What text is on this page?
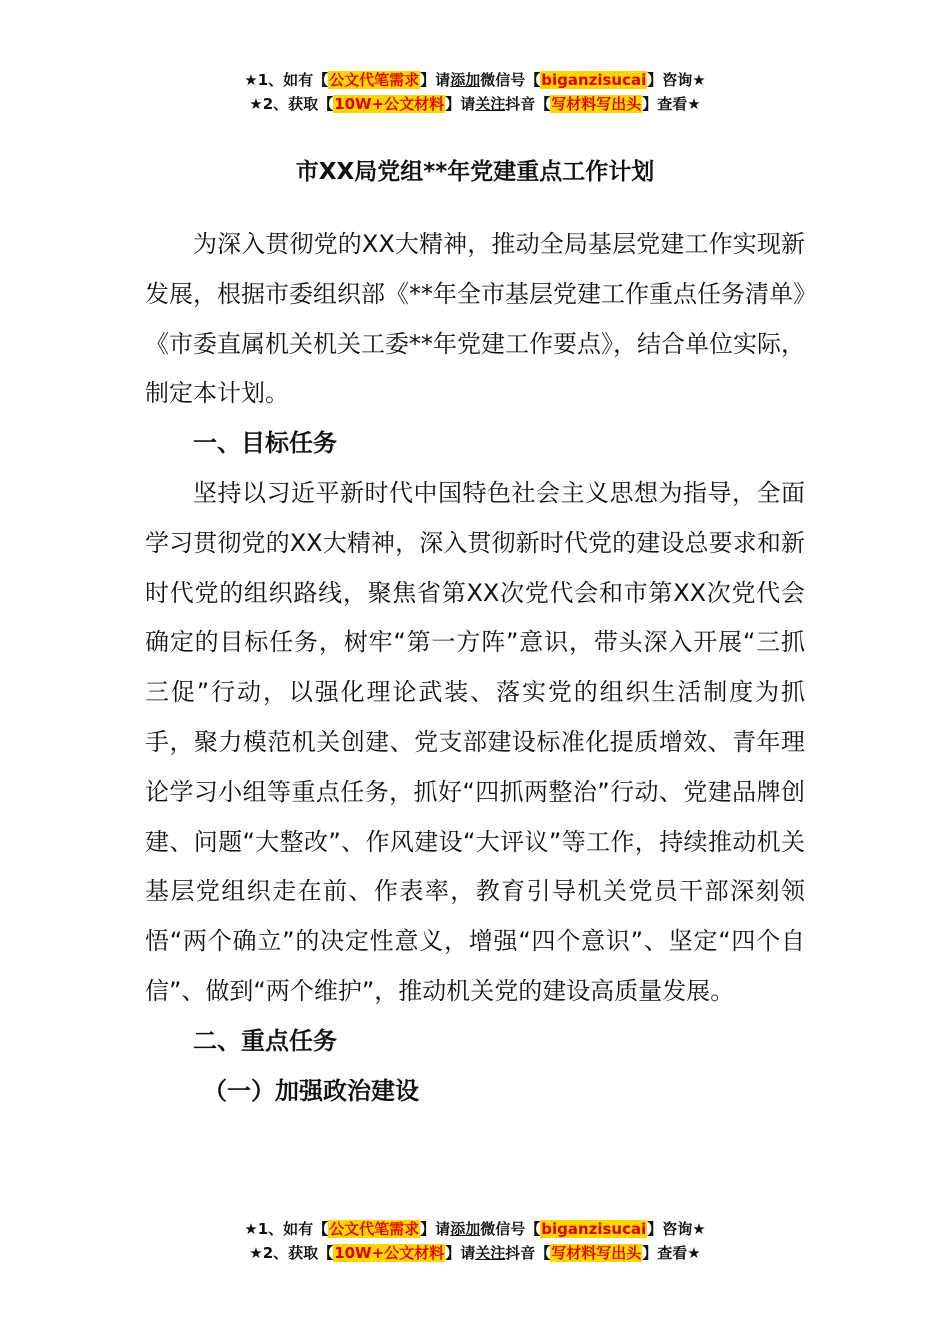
★1、如有【公文代笔需求】请添加微信号【biganzisucai】咨询★
★2、获取【10W+公文材料】请关注抖音【写材料写出头】查看★
市XX局党组**年党建重点工作计划

为深入贯彻党的XX大精神，推动全局基层党建工作实现新发展，根据市委组织部《**年全市基层党建工作重点任务清单》《市委直属机关机关工委**年党建工作要点》，结合单位实际，制定本计划。

一、目标任务

坚持以习近平新时代中国特色社会主义思想为指导，全面学习贯彻党的XX大精神，深入贯彻新时代党的建设总要求和新时代党的组织路线，聚焦省第XX次党代会和市第XX次党代会确定的目标任务，树牢“第一方阵”意识，带头深入开展“三抓三促”行动，以强化理论武装、落实党的组织生活制度为抓手，聚力模范机关创建、党支部建设标准化提质增效、青年理论学习小组等重点任务，抓好“四抓两整治”行动、党建品牌创建、问题“大整改”、作风建设“大评议”等工作，持续推动机关基层党组织走在前、作表率，教育引导机关党员干部深刻领悟“两个确立”的决定性意义，增强“四个意识”、坚定“四个自信”、做到“两个维护”，推动机关党的建设高质量发展。

二、重点任务

（一）加强政治建设

★1、如有【公文代笔需求】请添加微信号【biganzisucai】咨询★
★2、获取【10W+公文材料】请关注抖音【写材料写出头】查看★
